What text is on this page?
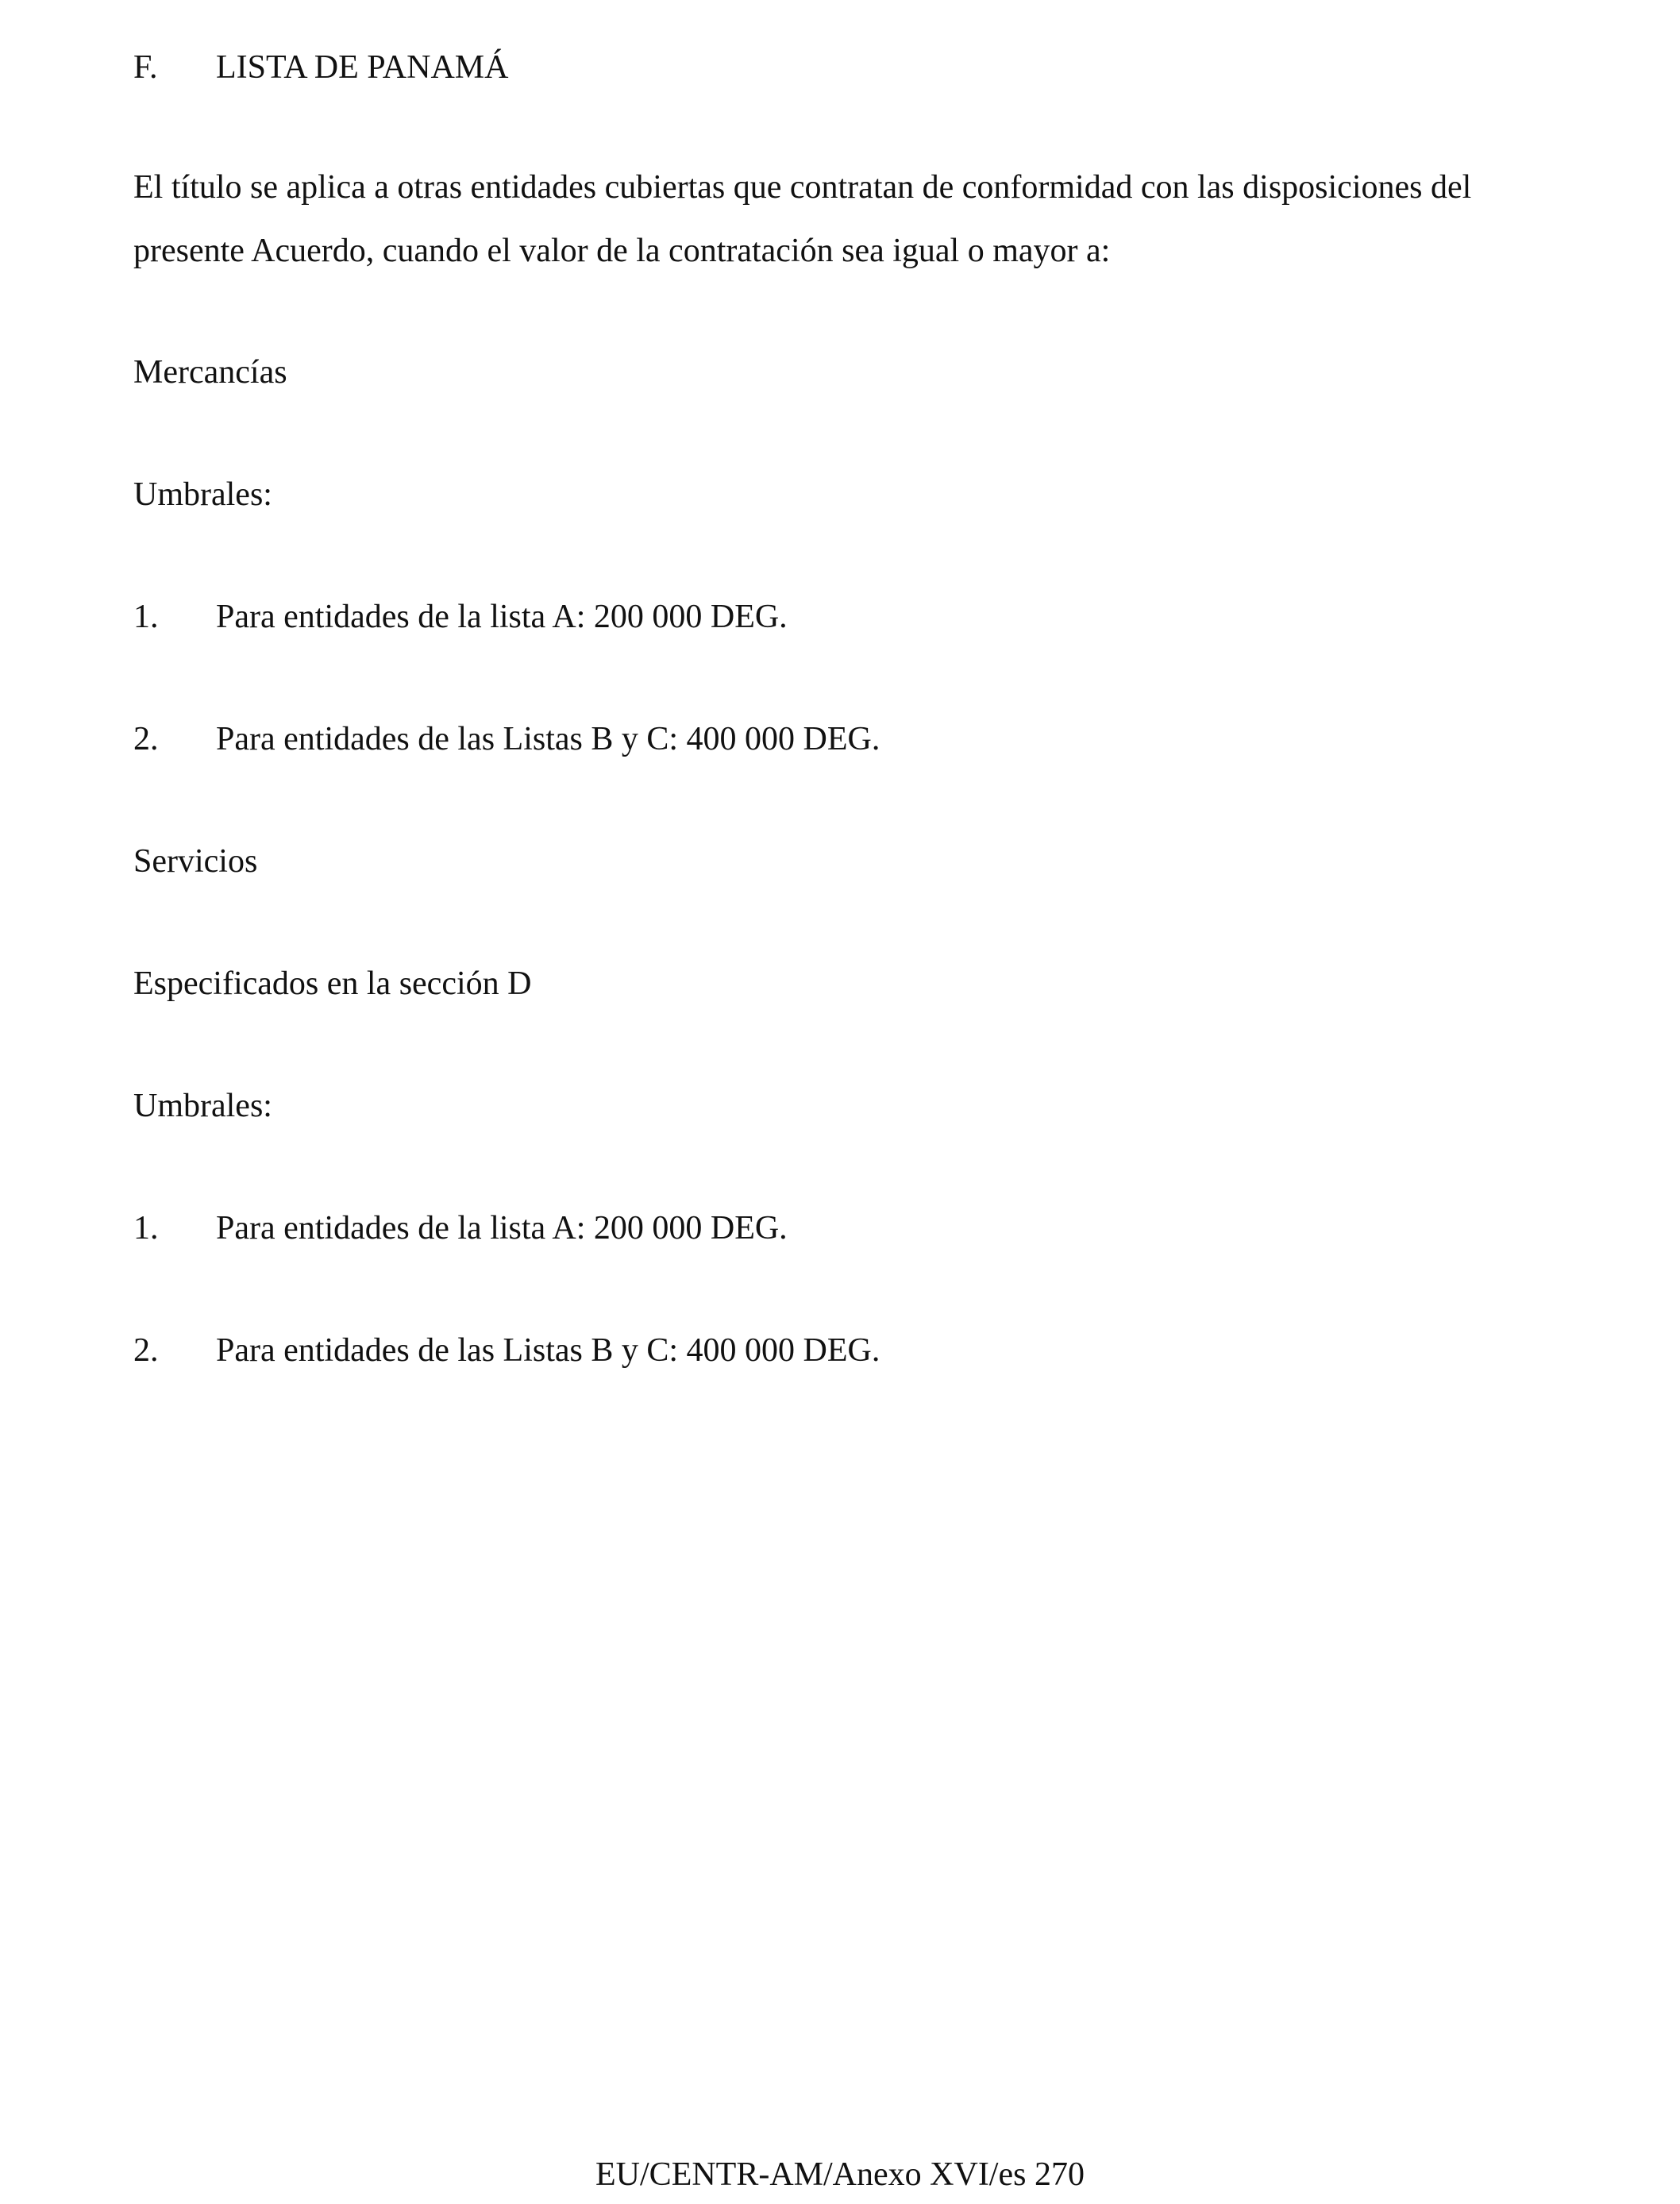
F. LISTA DE PANAMÁ
El título se aplica a otras entidades cubiertas que contratan de conformidad con las disposiciones del presente Acuerdo, cuando el valor de la contratación sea igual o mayor a:
Mercancías
Umbrales:
1. Para entidades de la lista A: 200 000 DEG.
2. Para entidades de las Listas B y C: 400 000 DEG.
Servicios
Especificados en la sección D
Umbrales:
1. Para entidades de la lista A: 200 000 DEG.
2. Para entidades de las Listas B y C: 400 000 DEG.
EU/CENTR-AM/Anexo XVI/es 270
